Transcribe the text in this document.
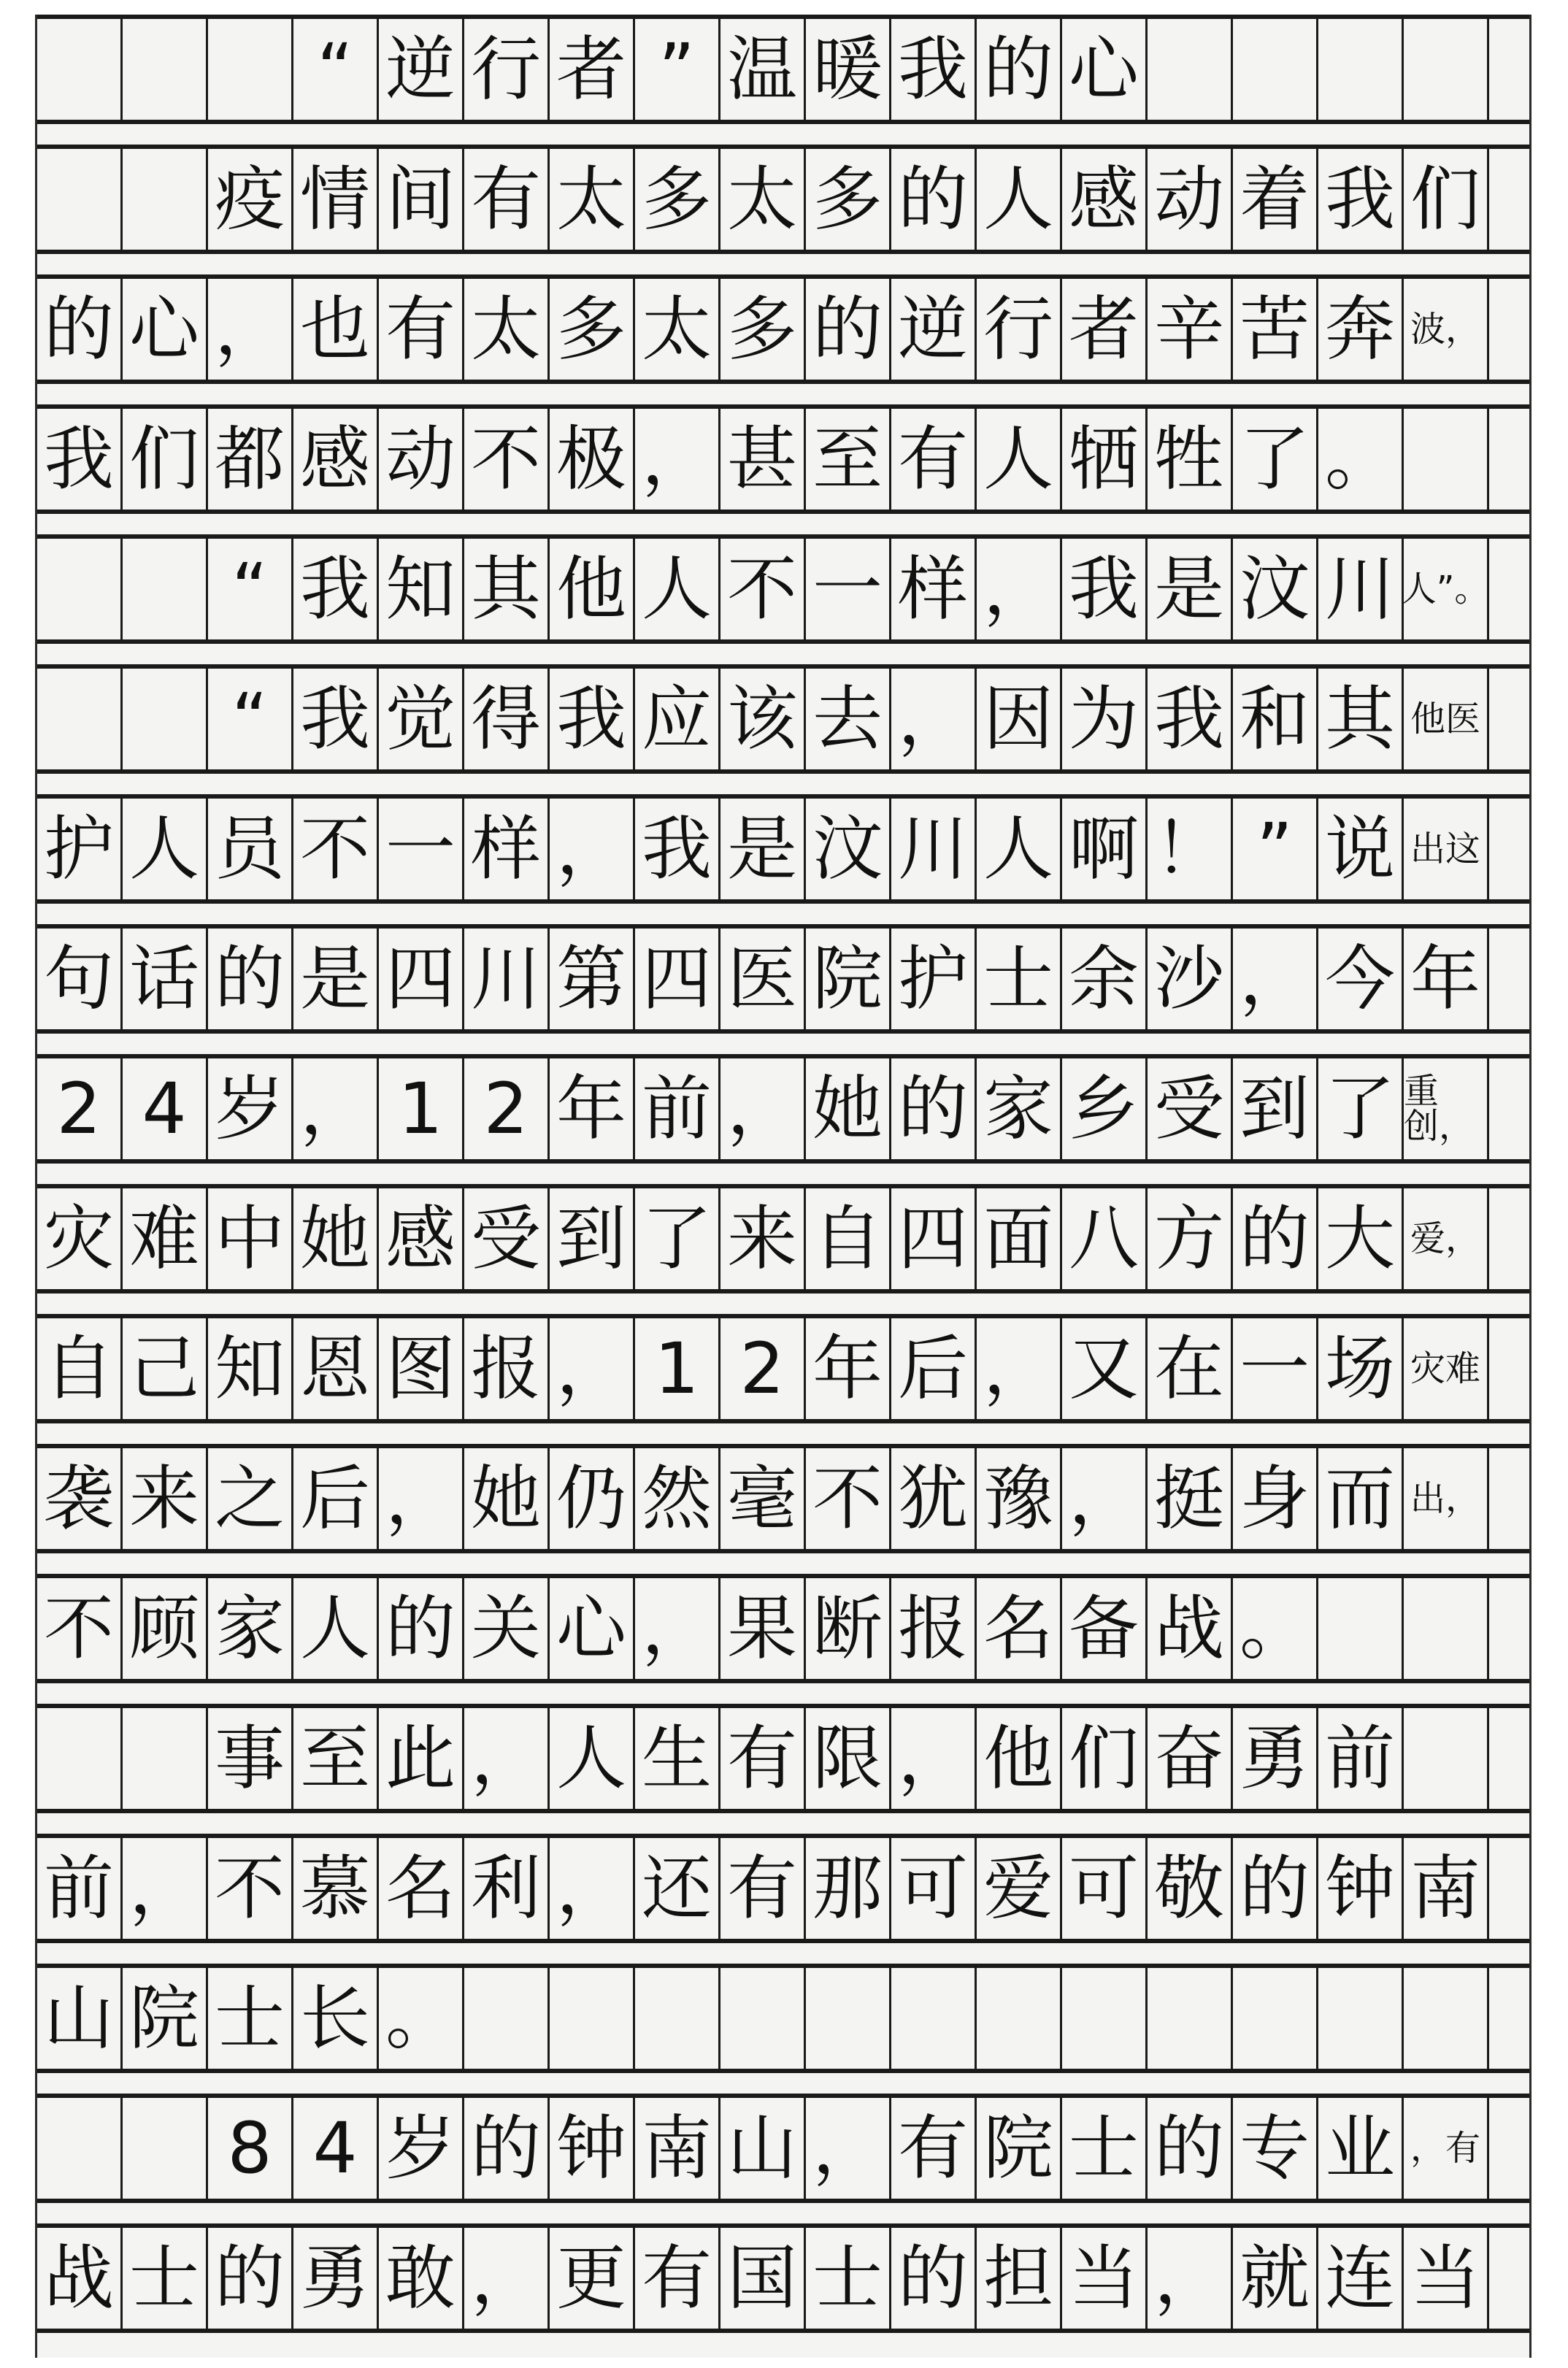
“ 逆 行 者 ” 温 暖 我 的 心
疫 情 间 有 太 多 太 多 的 人 感 动 着 我 们
的 心 ， 也 有 太 多 太 多 的 逆 行 者 辛 苦 奔 波，
我 们 都 感 动 不 极 ， 甚 至 有 人 牺 牲 了 。
“ 我 知 其 他 人 不 一 样 ， 我 是 汶 川 人”。
“ 我 觉 得 我 应 该 去 ， 因 为 我 和 其 他医
护 人 员 不 一 样 ， 我 是 汶 川 人 啊 ！ ” 说 出这
句 话 的 是 四 川 第 四 医 院 护 士 余 沙 ， 今 年
2 4 岁 ， 1 2 年 前 ， 她 的 家 乡 受 到 了 重创，
灾 难 中 她 感 受 到 了 来 自 四 面 八 方 的 大 爱，
自 己 知 恩 图 报 ， 1 2 年 后 ， 又 在 一 场 灾难
袭 来 之 后 ， 她 仍 然 毫 不 犹 豫 ， 挺 身 而 出，
不 顾 家 人 的 关 心 ， 果 断 报 名 备 战 。
事 至 此 ， 人 生 有 限 ， 他 们 奋 勇 前
前 ， 不 慕 名 利 ， 还 有 那 可 爱 可 敬 的 钟 南
山 院 士 长 。
8 4 岁 的 钟 南 山 ， 有 院 士 的 专 业 ，有
战 士 的 勇 敢 ， 更 有 国 士 的 担 当 ， 就 连 当
